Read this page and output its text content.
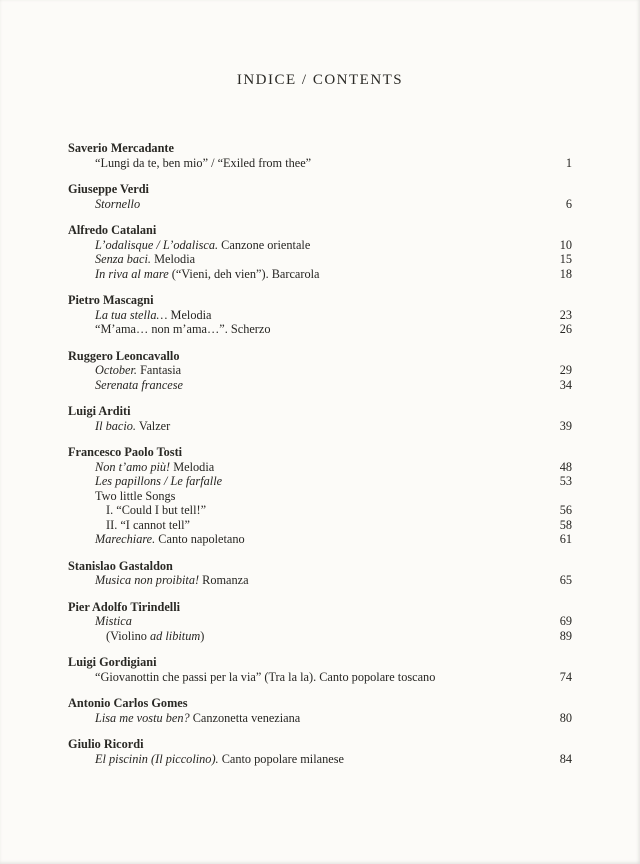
INDICE / CONTENTS
Saverio Mercadante
“Lungi da te, ben mio” / “Exiled from thee”	1
Giuseppe Verdi
Stornello	6
Alfredo Catalani
L’odalisque / L’odalisca. Canzone orientale	10
Senza baci. Melodia	15
In riva al mare (“Vieni, deh vien”). Barcarola	18
Pietro Mascagni
La tua stella… Melodia	23
“M’ama… non m’ama…”. Scherzo	26
Ruggero Leoncavallo
October. Fantasia	29
Serenata francese	34
Luigi Arditi
Il bacio. Valzer	39
Francesco Paolo Tosti
Non t’amo più! Melodia	48
Les papillons / Le farfalle	53
Two little Songs
I. “Could I but tell!”	56
II. “I cannot tell”	58
Marechiare. Canto napoletano	61
Stanislao Gastaldon
Musica non proibita! Romanza	65
Pier Adolfo Tirindelli
Mistica	69
(Violino ad libitum)	89
Luigi Gordigiani
“Giovanottin che passi per la via” (Tra la la). Canto popolare toscano	74
Antonio Carlos Gomes
Lisa me vostu ben? Canzonetta veneziana	80
Giulio Ricordi
El piscinin (Il piccolino). Canto popolare milanese	84
